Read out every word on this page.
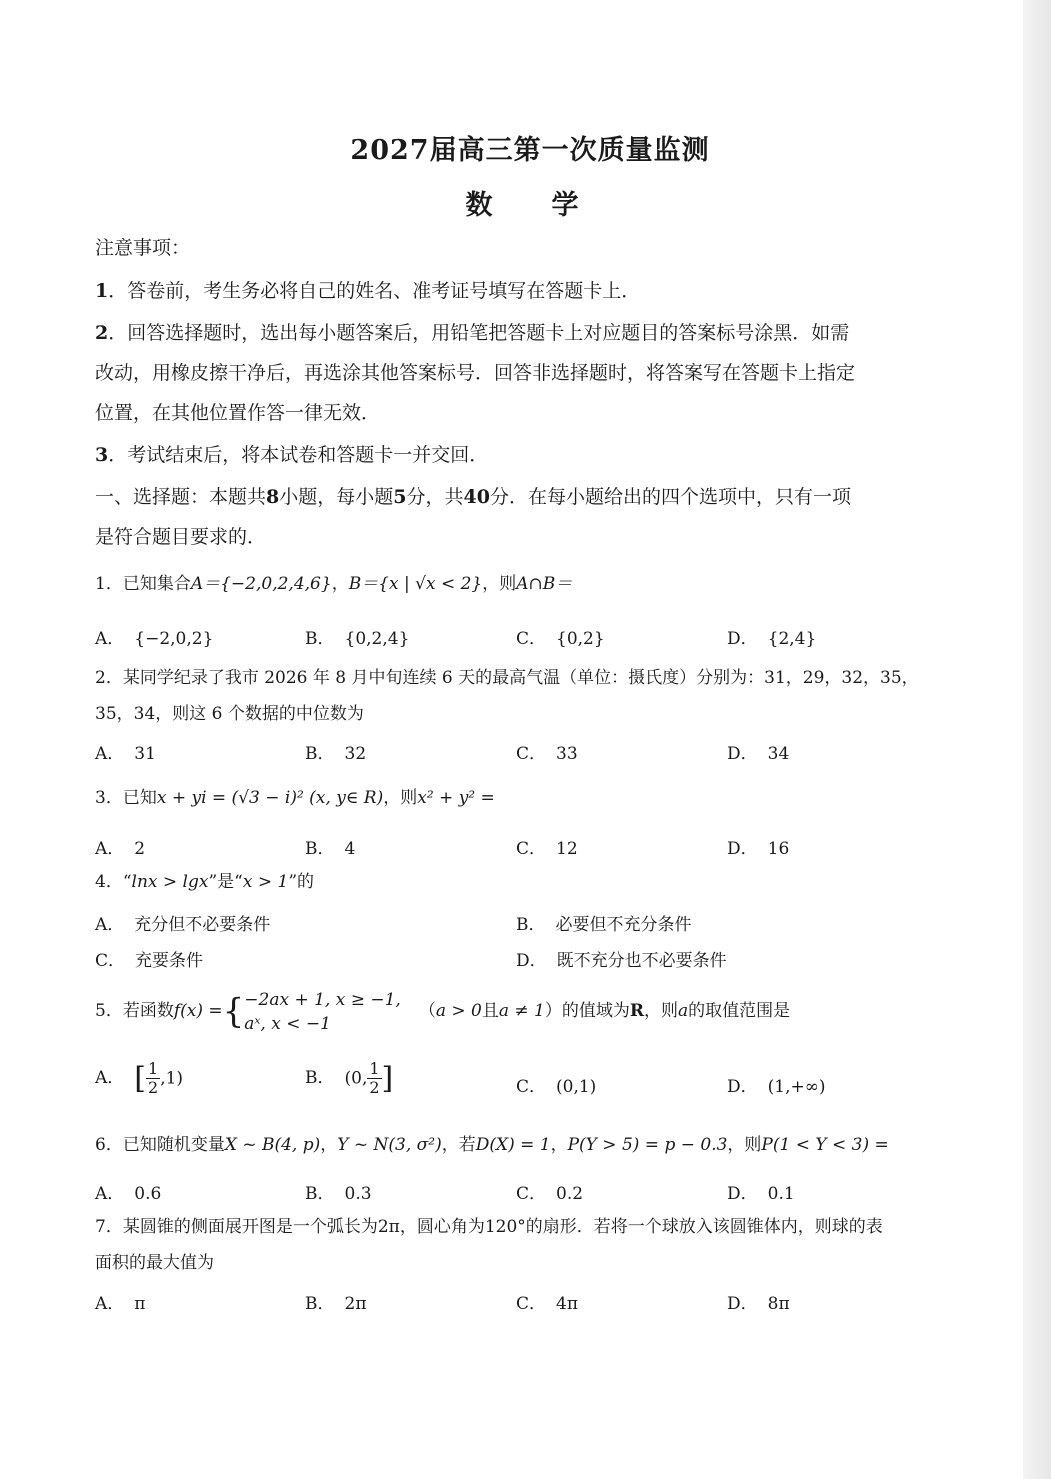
2027届高三第一次质量监测
数　学
注意事项：
1．答卷前，考生务必将自己的姓名、准考证号填写在答题卡上．
2．回答选择题时，选出每小题答案后，用铅笔把答题卡上对应题目的答案标号涂黑．如需
改动，用橡皮擦干净后，再选涂其他答案标号．回答非选择题时，将答案写在答题卡上指定
位置，在其他位置作答一律无效．
3．考试结束后，将本试卷和答题卡一并交回．
一、选择题：本题共8小题，每小题5分，共40分．在每小题给出的四个选项中，只有一项
是符合题目要求的．
1．已知集合A＝{−2,0,2,4,6}，B＝{x | √x < 2}，则A∩B＝
A． {−2,0,2}	B． {0,2,4}	C． {0,2}	D． {2,4}
2．某同学纪录了我市 2026 年 8 月中旬连续 6 天的最高气温（单位：摄氏度）分别为：31，29，32，35，
35，34，则这 6 个数据的中位数为
A． 31	B． 32	C． 33	D． 34
3．已知x + yi = (√3 − i)² (x, y∈ R)，则x² + y² =
A． 2	B． 4	C． 12	D． 16
4．“lnx > lgx”是“x > 1”的
A． 充分但不必要条件	B． 必要但不充分条件
C． 充要条件	D． 既不充分也不必要条件
5．若函数f(x) ={ −2ax + 1, x ≥ −1,
aˣ, x < −1
（a > 0且a ≠ 1）的值域为R，则a的取值范围是
A． [ $\frac{1}{2} ,1$)	B． (0, $\frac{1}{2}$ ]	C． (0,1)	D． (1,+∞)
6．已知随机变量X ~ B(4, p)，Y ~ N(3, σ²)，若D(X) = 1，P(Y > 5) = p − 0.3，则P(1 < Y < 3) =
A． 0.6	B． 0.3	C． 0.2	D． 0.1
7．某圆锥的侧面展开图是一个弧长为2π，圆心角为120°的扇形．若将一个球放入该圆锥体内，则球的表
面积的最大值为
A． π	B． 2π	C． 4π	D． 8π
